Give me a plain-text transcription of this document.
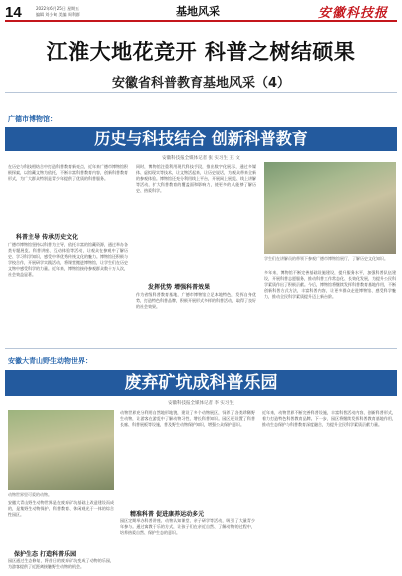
14	2022年6月25日 星期五
编辑 刘小甸 美编 周利群	基地风采	安徽科技报
江淮大地花竞开 科普之树结硕果
安徽省科普教育基地风采（4）
广德市博物馆：
历史与科技结合 创新科普教育
安徽科技报全媒体记者 张 实习生 王 文
在历史与科技相结合中打造科普教育新亮点，近年来广德市博物馆积极探索，以馆藏文物为依托，不断丰富科普教育内容，创新科普教育形式，为广大群众特别是青少年提供了优质的科普服务。
科普主导 传承历史文化
广德市博物馆坚持以科普为主导，依托丰富的馆藏资源，通过举办各类专题展览、科普讲座、互动体验等活动，让观众在参观中了解历史、学习科学知识，感受中华优秀传统文化的魅力。博物馆还积极与学校合作，开展研学实践活动，将课堂搬进博物馆，让学生们在历史文物中感受科学的力量。近年来，博物馆接待参观群众数十万人次，社会效益显著。
同时，博物馆注重利用现代科技手段，推出数字化展示，通过多媒体、虚拟现实等技术，让文物活起来，让历史说话，为观众带来全新的参观体验。博物馆还充分利用线上平台，开展网上展览、线上讲解等活动，扩大科普教育的覆盖面和影响力，使更多的人能够了解历史、热爱科学。
发挥优势 增强科普效果
作为省级科普教育基地，广德市博物馆立足本地特色，发挥自身优势，打造特色科普品牌，积极开展形式多样的科普活动，取得了良好的社会效果。
学生们在讲解员的带领下参观广德市博物馆展厅，了解历史文化知识。
多年来，博物馆不断完善基础设施建设，提升服务水平，加强科普队伍建设，开展科普志愿服务，推动科普工作常态化、长效化发展，为提升公民科学素质作出了积极贡献。今后，博物馆将继续发挥科普教育基地作用，不断创新科普方式方法，丰富科普内容，让更多群众走进博物馆、感受科学魅力，推动全民科学素质提升迈上新台阶。
安徽大青山野生动物世界：
废弃矿坑成科普乐园
安徽科技报全媒体记者 李 实习生
动物世界里可爱的动物。
安徽大青山野生动物世界是在废弃矿坑基础上改造建设而成的，是集野生动物保护、科普教育、休闲观光于一体的综合性园区。
保护生态 打造科普乐园
园区通过生态修复，将昔日的废弃矿坑变成了动物的乐园，为游客提供了近距离接触野生动物的机会。
动物世界充分利用自然地形地貌，建设了多个动物展区，饲养了各类珍稀野生动物，让游客在游览中了解动物习性、增长科普知识。园区还设置了科普长廊、科普展板等设施，普及野生动物保护知识，增强公众保护意识。
精准科普 促进康养运动多元
园区定期举办科普讲座、动物认知课堂、亲子研学等活动，吸引了大量青少年参与。通过寓教于乐的方式，让孩子们在亲近自然、了解动物的过程中，培养热爱自然、保护生态的意识。
近年来，动物世界不断完善科普设施，丰富科普活动内容，创新科普形式，着力打造特色科普教育品牌。下一步，园区将继续发挥科普教育基地作用，推动生态保护与科普教育深度融合，为提升全民科学素质贡献力量。
